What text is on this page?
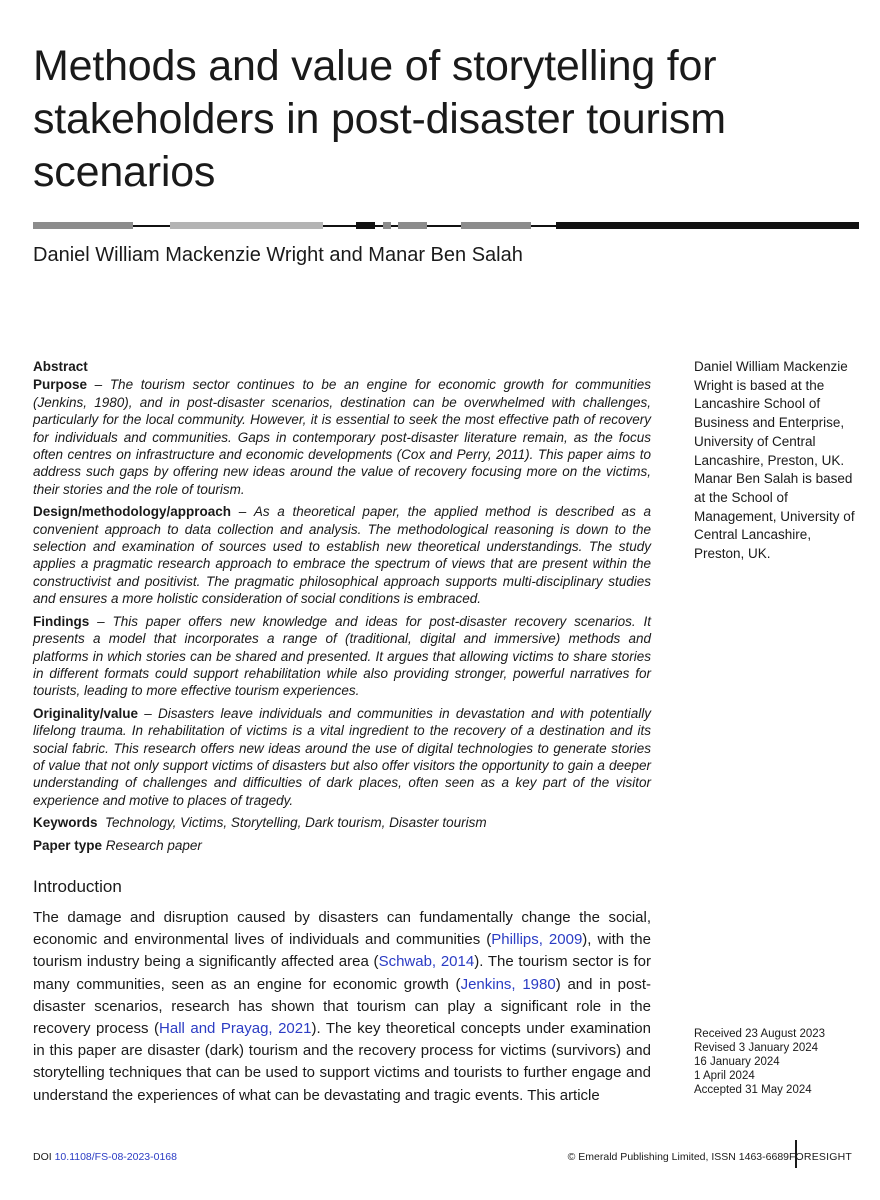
Methods and value of storytelling for stakeholders in post-disaster tourism scenarios
Daniel William Mackenzie Wright and Manar Ben Salah
Abstract

Purpose – The tourism sector continues to be an engine for economic growth for communities (Jenkins, 1980), and in post-disaster scenarios, destination can be overwhelmed with challenges, particularly for the local community. However, it is essential to seek the most effective path of recovery for individuals and communities. Gaps in contemporary post-disaster literature remain, as the focus often centres on infrastructure and economic developments (Cox and Perry, 2011). This paper aims to address such gaps by offering new ideas around the value of recovery focusing more on the victims, their stories and the role of tourism.

Design/methodology/approach – As a theoretical paper, the applied method is described as a convenient approach to data collection and analysis. The methodological reasoning is down to the selection and examination of sources used to establish new theoretical understandings. The study applies a pragmatic research approach to embrace the spectrum of views that are present within the constructivist and positivist. The pragmatic philosophical approach supports multi-disciplinary studies and ensures a more holistic consideration of social conditions is embraced.

Findings – This paper offers new knowledge and ideas for post-disaster recovery scenarios. It presents a model that incorporates a range of (traditional, digital and immersive) methods and platforms in which stories can be shared and presented. It argues that allowing victims to share stories in different formats could support rehabilitation while also providing stronger, powerful narratives for tourists, leading to more effective tourism experiences.

Originality/value – Disasters leave individuals and communities in devastation and with potentially lifelong trauma. In rehabilitation of victims is a vital ingredient to the recovery of a destination and its social fabric. This research offers new ideas around the use of digital technologies to generate stories of value that not only support victims of disasters but also offer visitors the opportunity to gain a deeper understanding of challenges and difficulties of dark places, often seen as a key part of the visitor experience and motive to places of tragedy.

Keywords Technology, Victims, Storytelling, Dark tourism, Disaster tourism

Paper type Research paper

Daniel William Mackenzie Wright is based at the Lancashire School of Business and Enterprise, University of Central Lancashire, Preston, UK. Manar Ben Salah is based at the School of Management, University of Central Lancashire, Preston, UK.
Introduction

The damage and disruption caused by disasters can fundamentally change the social, economic and environmental lives of individuals and communities (Phillips, 2009), with the tourism industry being a significantly affected area (Schwab, 2014). The tourism sector is for many communities, seen as an engine for economic growth (Jenkins, 1980) and in post-disaster scenarios, research has shown that tourism can play a significant role in the recovery process (Hall and Prayag, 2021). The key theoretical concepts under examination in this paper are disaster (dark) tourism and the recovery process for victims (survivors) and storytelling techniques that can be used to support victims and tourists to further engage and understand the experiences of what can be devastating and tragic events. This article

Received 23 August 2023
Revised 3 January 2024
16 January 2024
1 April 2024
Accepted 31 May 2024
DOI 10.1108/FS-08-2023-0168	© Emerald Publishing Limited, ISSN 1463-6689 FORESIGHT
